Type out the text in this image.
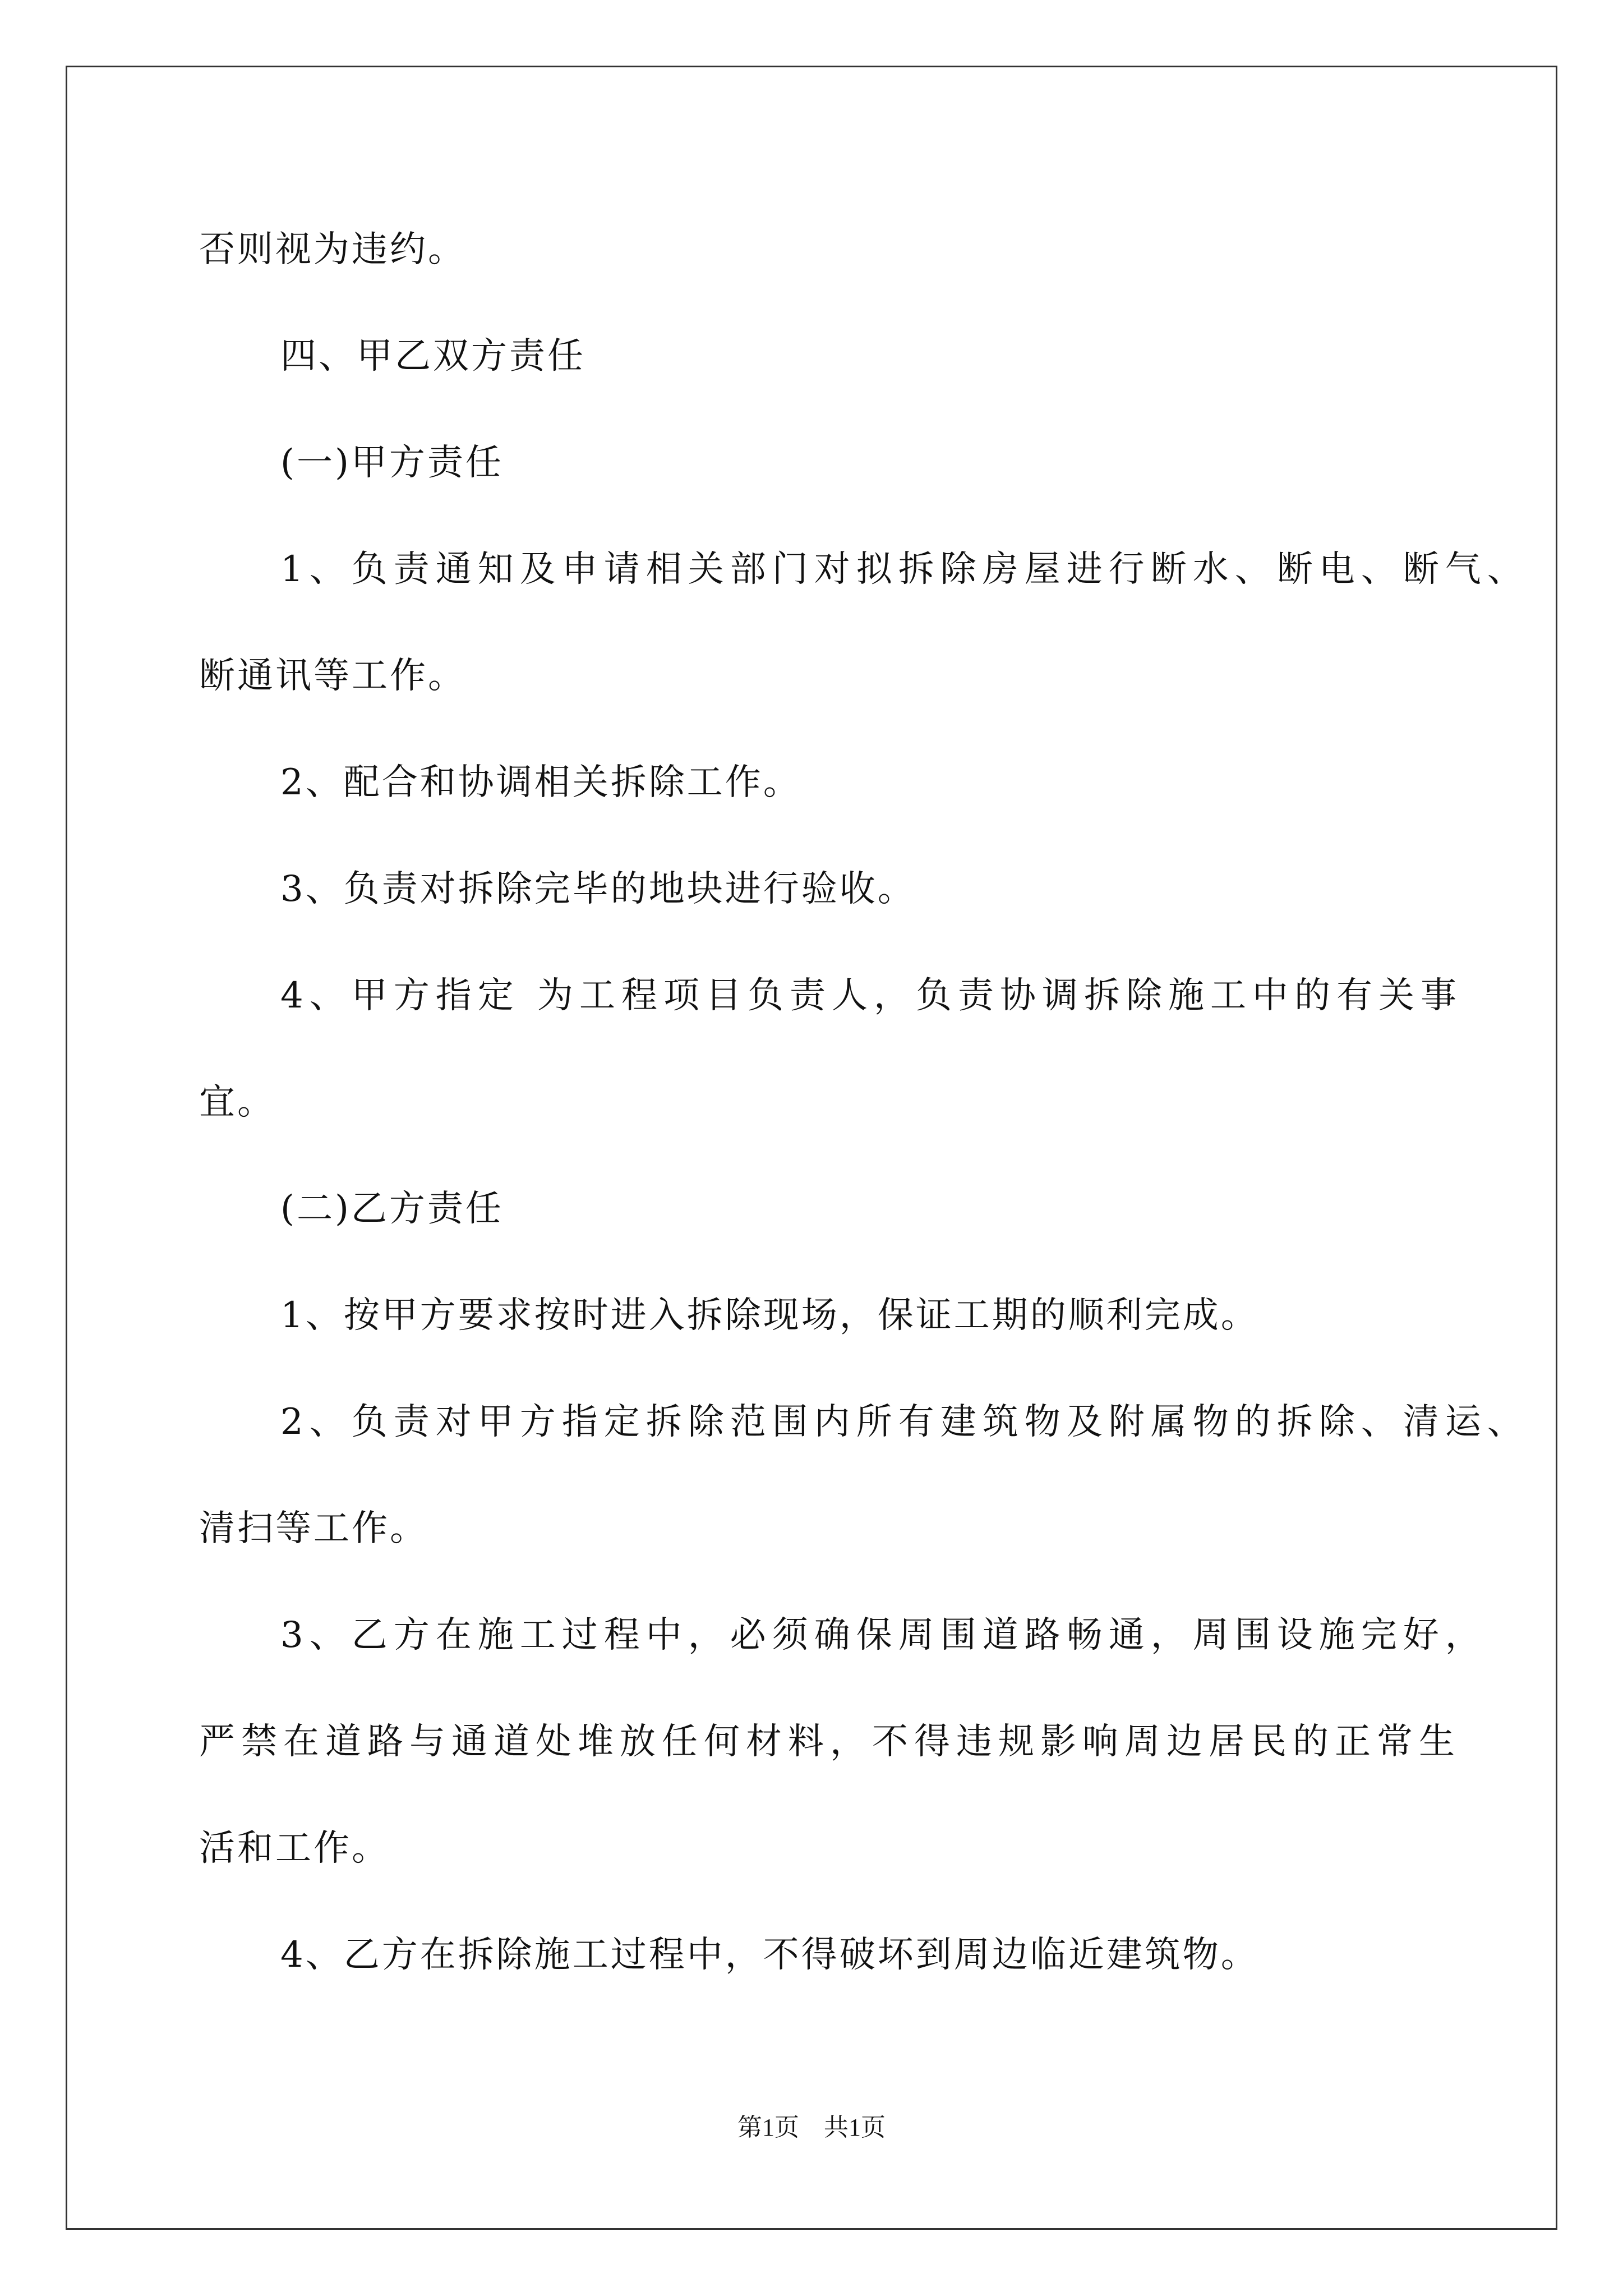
否则视为违约。
四、甲乙双方责任
(一)甲方责任
1、负责通知及申请相关部门对拟拆除房屋进行断水、断电、断气、
断通讯等工作。
2、配合和协调相关拆除工作。
3、负责对拆除完毕的地块进行验收。
4、甲方指定 为工程项目负责人，负责协调拆除施工中的有关事
宜。
(二)乙方责任
1、按甲方要求按时进入拆除现场，保证工期的顺利完成。
2、负责对甲方指定拆除范围内所有建筑物及附属物的拆除、清运、
清扫等工作。
3、乙方在施工过程中，必须确保周围道路畅通，周围设施完好，
严禁在道路与通道处堆放任何材料，不得违规影响周边居民的正常生
活和工作。
4、乙方在拆除施工过程中，不得破坏到周边临近建筑物。
第1页　共1页
